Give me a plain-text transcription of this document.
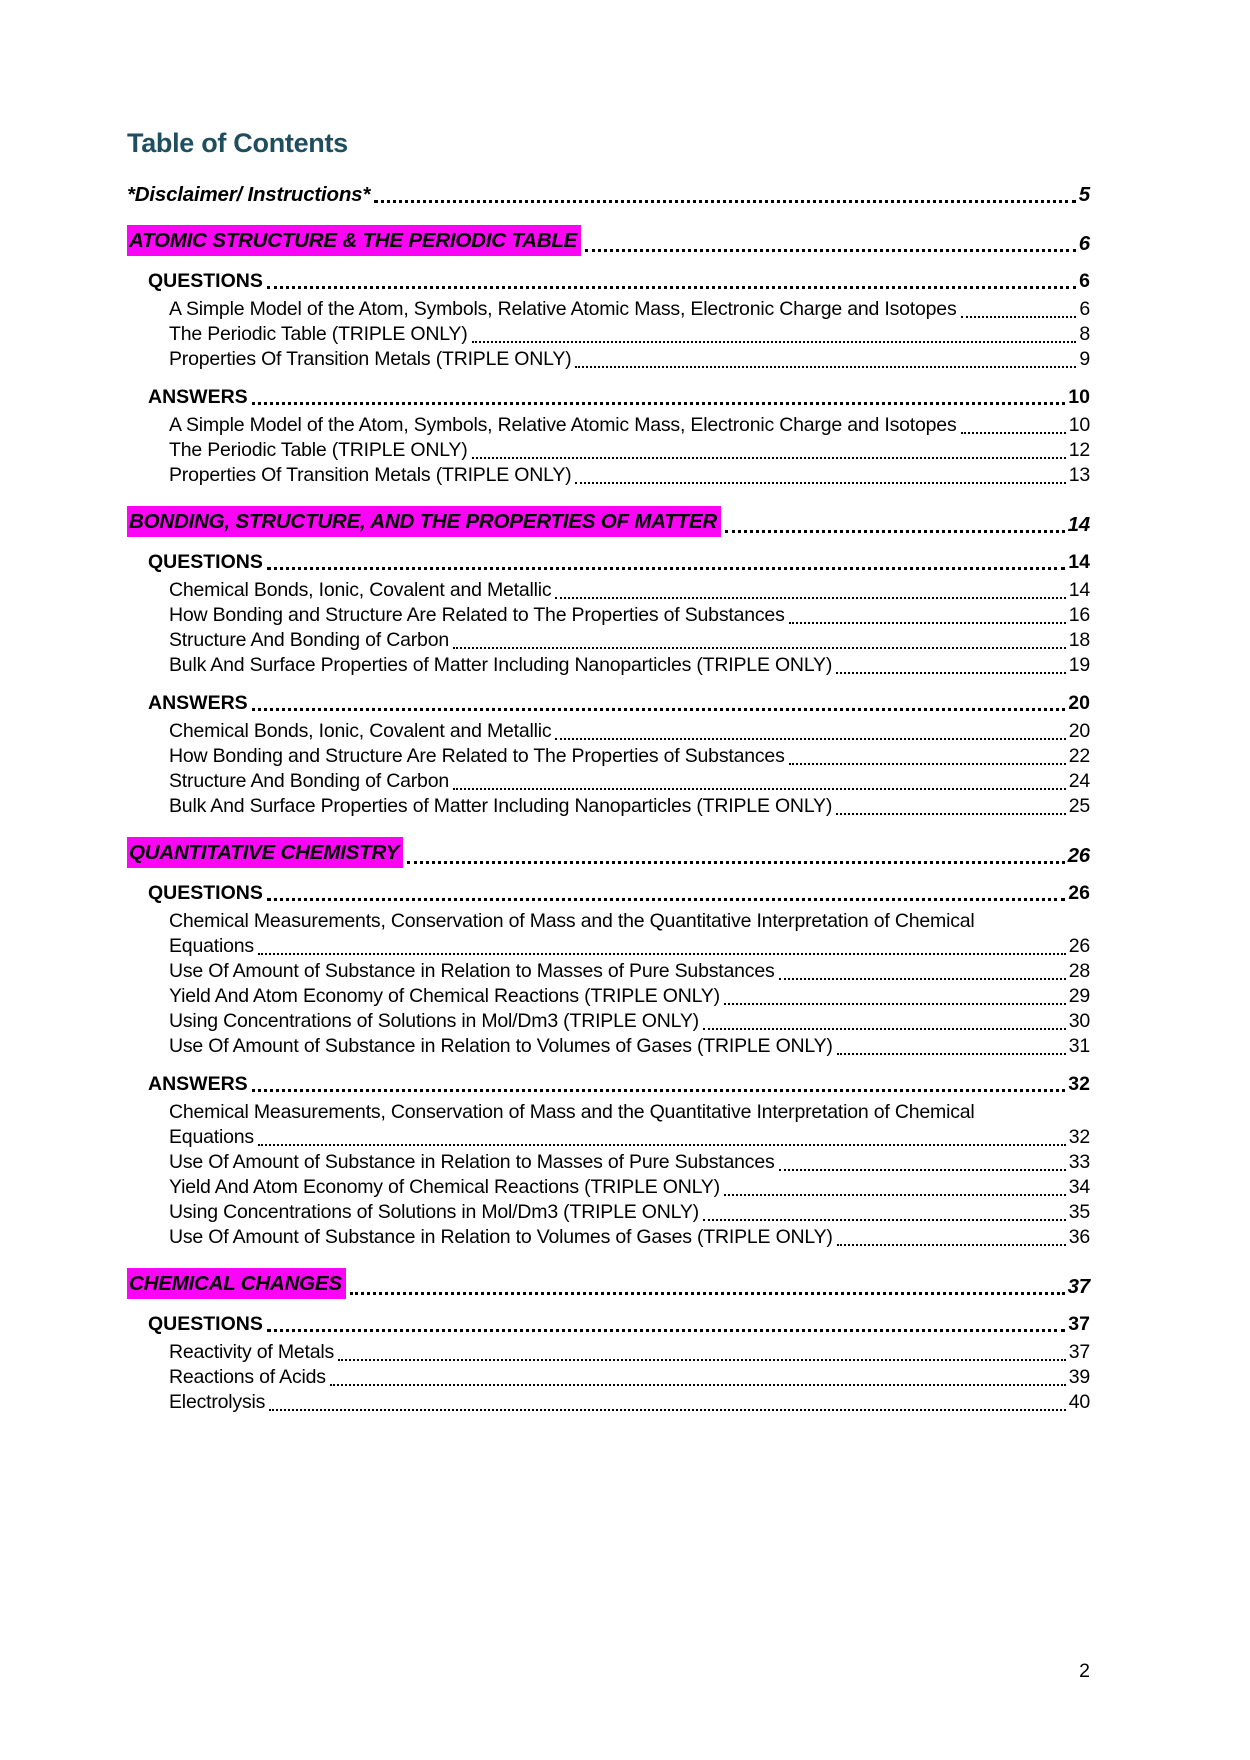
Table of Contents
*Disclaimer/ Instructions*	5
ATOMIC STRUCTURE & THE PERIODIC TABLE	6
QUESTIONS	6
A Simple Model of the Atom, Symbols, Relative Atomic Mass, Electronic Charge and Isotopes	6
The Periodic Table (TRIPLE ONLY)	8
Properties Of Transition Metals (TRIPLE ONLY)	9
ANSWERS	10
A Simple Model of the Atom, Symbols, Relative Atomic Mass, Electronic Charge and Isotopes	10
The Periodic Table (TRIPLE ONLY)	12
Properties Of Transition Metals (TRIPLE ONLY)	13
BONDING, STRUCTURE, AND THE PROPERTIES OF MATTER	14
QUESTIONS	14
Chemical Bonds, Ionic, Covalent and Metallic	14
How Bonding and Structure Are Related to The Properties of Substances	16
Structure And Bonding of Carbon	18
Bulk And Surface Properties of Matter Including Nanoparticles (TRIPLE ONLY)	19
ANSWERS	20
Chemical Bonds, Ionic, Covalent and Metallic	20
How Bonding and Structure Are Related to The Properties of Substances	22
Structure And Bonding of Carbon	24
Bulk And Surface Properties of Matter Including Nanoparticles (TRIPLE ONLY)	25
QUANTITATIVE CHEMISTRY	26
QUESTIONS	26
Chemical Measurements, Conservation of Mass and the Quantitative Interpretation of Chemical
Equations	26
Use Of Amount of Substance in Relation to Masses of Pure Substances	28
Yield And Atom Economy of Chemical Reactions (TRIPLE ONLY)	29
Using Concentrations of Solutions in Mol/Dm3 (TRIPLE ONLY)	30
Use Of Amount of Substance in Relation to Volumes of Gases (TRIPLE ONLY)	31
ANSWERS	32
Chemical Measurements, Conservation of Mass and the Quantitative Interpretation of Chemical
Equations	32
Use Of Amount of Substance in Relation to Masses of Pure Substances	33
Yield And Atom Economy of Chemical Reactions (TRIPLE ONLY)	34
Using Concentrations of Solutions in Mol/Dm3 (TRIPLE ONLY)	35
Use Of Amount of Substance in Relation to Volumes of Gases (TRIPLE ONLY)	36
CHEMICAL CHANGES	37
QUESTIONS	37
Reactivity of Metals	37
Reactions of Acids	39
Electrolysis	40
2
